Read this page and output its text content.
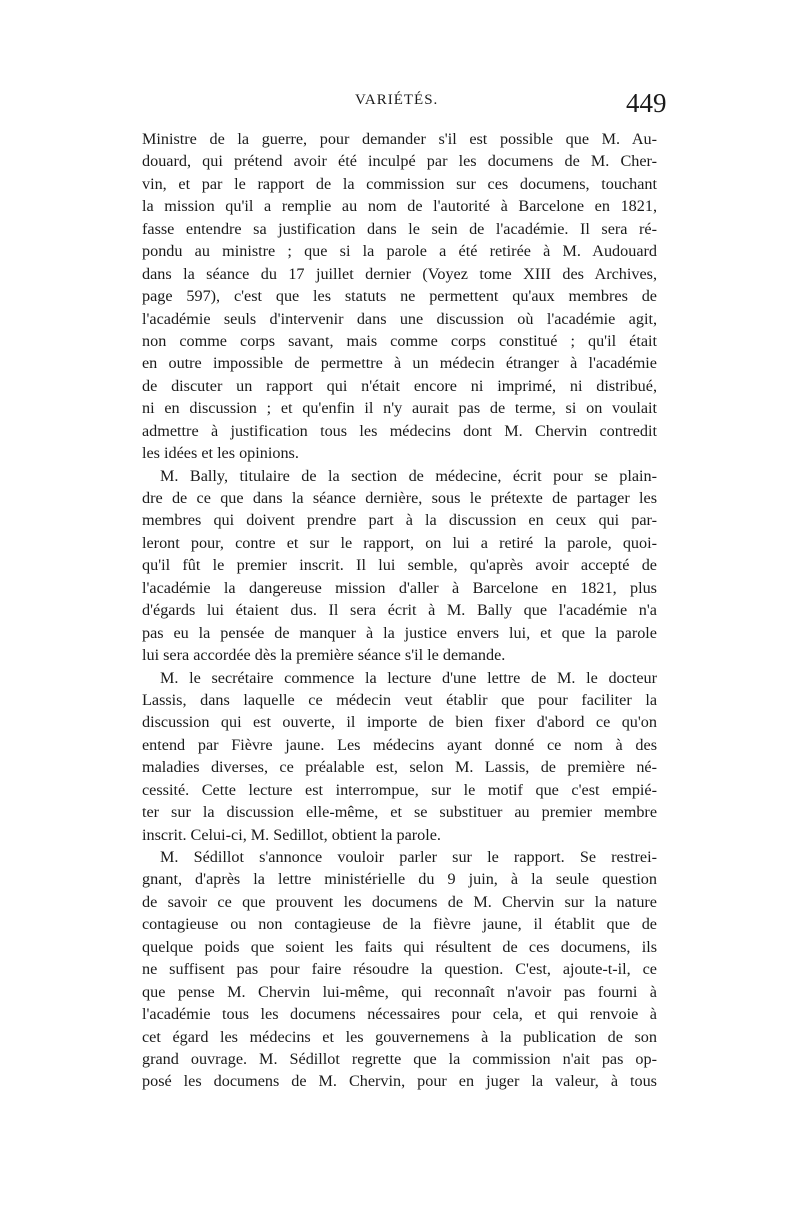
VARIÉTÉS.	449
Ministre de la guerre, pour demander s'il est possible que M. Au-
douard, qui prétend avoir été inculpé par les documens de M. Cher-
vin, et par le rapport de la commission sur ces documens, touchant
la mission qu'il a remplie au nom de l'autorité à Barcelone en 1821,
fasse entendre sa justification dans le sein de l'académie. Il sera ré-
pondu au ministre ; que si la parole a été retirée à M. Audouard
dans la séance du 17 juillet dernier (Voyez tome XIII des Archives,
page 597), c'est que les statuts ne permettent qu'aux membres de
l'académie seuls d'intervenir dans une discussion où l'académie agit,
non comme corps savant, mais comme corps constitué ; qu'il était
en outre impossible de permettre à un médecin étranger à l'académie
de discuter un rapport qui n'était encore ni imprimé, ni distribué,
ni en discussion ; et qu'enfin il n'y aurait pas de terme, si on voulait
admettre à justification tous les médecins dont M. Chervin contredit
les idées et les opinions.
M. Bally, titulaire de la section de médecine, écrit pour se plain-
dre de ce que dans la séance dernière, sous le prétexte de partager les
membres qui doivent prendre part à la discussion en ceux qui par-
leront pour, contre et sur le rapport, on lui a retiré la parole, quoi-
qu'il fût le premier inscrit. Il lui semble, qu'après avoir accepté de
l'académie la dangereuse mission d'aller à Barcelone en 1821, plus
d'égards lui étaient dus. Il sera écrit à M. Bally que l'académie n'a
pas eu la pensée de manquer à la justice envers lui, et que la parole
lui sera accordée dès la première séance s'il le demande.
M. le secrétaire commence la lecture d'une lettre de M. le docteur
Lassis, dans laquelle ce médecin veut établir que pour faciliter la
discussion qui est ouverte, il importe de bien fixer d'abord ce qu'on
entend par Fièvre jaune. Les médecins ayant donné ce nom à des
maladies diverses, ce préalable est, selon M. Lassis, de première né-
cessité. Cette lecture est interrompue, sur le motif que c'est empié-
ter sur la discussion elle-même, et se substituer au premier membre
inscrit. Celui-ci, M. Sedillot, obtient la parole.
M. Sédillot s'annonce vouloir parler sur le rapport. Se restrei-
gnant, d'après la lettre ministérielle du 9 juin, à la seule question
de savoir ce que prouvent les documens de M. Chervin sur la nature
contagieuse ou non contagieuse de la fièvre jaune, il établit que de
quelque poids que soient les faits qui résultent de ces documens, ils
ne suffisent pas pour faire résoudre la question. C'est, ajoute-t-il, ce
que pense M. Chervin lui-même, qui reconnaît n'avoir pas fourni à
l'académie tous les documens nécessaires pour cela, et qui renvoie à
cet égard les médecins et les gouvernemens à la publication de son
grand ouvrage. M. Sédillot regrette que la commission n'ait pas op-
posé les documens de M. Chervin, pour en juger la valeur, à tous
